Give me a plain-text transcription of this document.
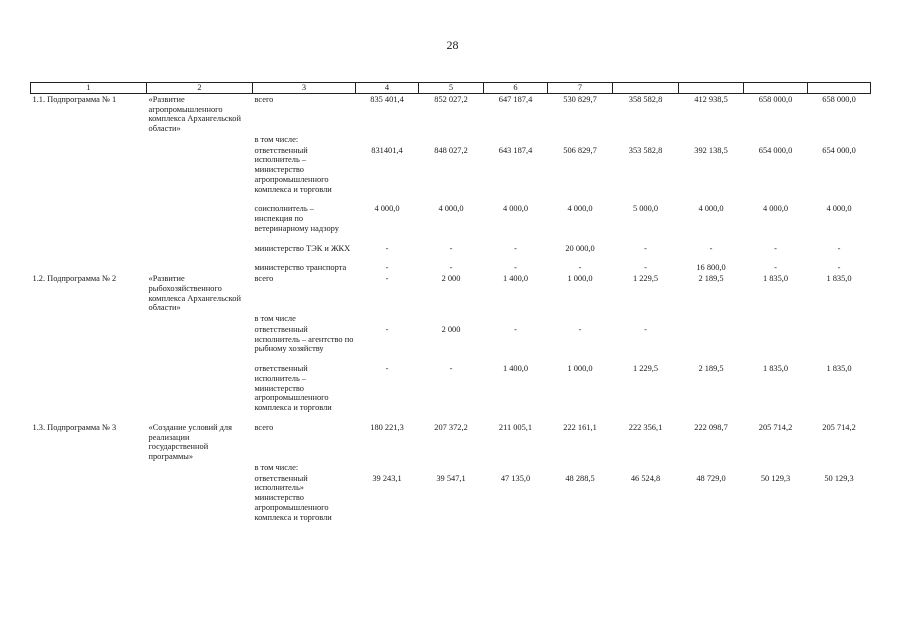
28
1	2	3	4	5	6	7				
1.1. Подпрограмма № 1	«Развитие агропромышленного комплекса Архангельской области»	всего	835 401,4	852 027,2	647 187,4	530 829,7	358 582,8	412 938,5	658 000,0	658 000,0
		в том числе:								
		ответственный исполнитель – министерство агропромышленного комплекса и торговли	831401,4	848 027,2	643 187,4	506 829,7	353 582,8	392 138,5	654 000,0	654 000,0

		соисполнитель – инспекция по ветеринарному надзору	4 000,0	4 000,0	4 000,0	4 000,0	5 000,0	4 000,0	4 000,0	4 000,0

		министерство ТЭК и ЖКХ	-	-	-	20 000,0	-	-	-	-

		министерство транспорта	-	-	-	-	-	16 800,0	-	-
1.2. Подпрограмма № 2	«Развитие рыбохозяйственного комплекса Архангельской области»	всего	-	2 000	1 400,0	1 000,0	1 229,5	2 189,5	1 835,0	1 835,0
		в том числе								
		ответственный исполнитель – агентство по рыбному хозяйству	-	2 000	-	-	-			

		ответственный исполнитель – министерство агропромышленного комплекса и торговли	-	-	1 400,0	1 000,0	1 229,5	2 189,5	1 835,0	1 835,0

1.3. Подпрограмма № 3	«Создание условий для реализации государственной программы»	всего	180 221,3	207 372,2	211 005,1	222 161,1	222 356,1	222 098,7	205 714,2	205 714,2
		в том числе:								
		ответственный исполнитель» министерство агропромышленного комплекса и торговли	39 243,1	39 547,1	47 135,0	48 288,5	46 524,8	48 729,0	50 129,3	50 129,3
